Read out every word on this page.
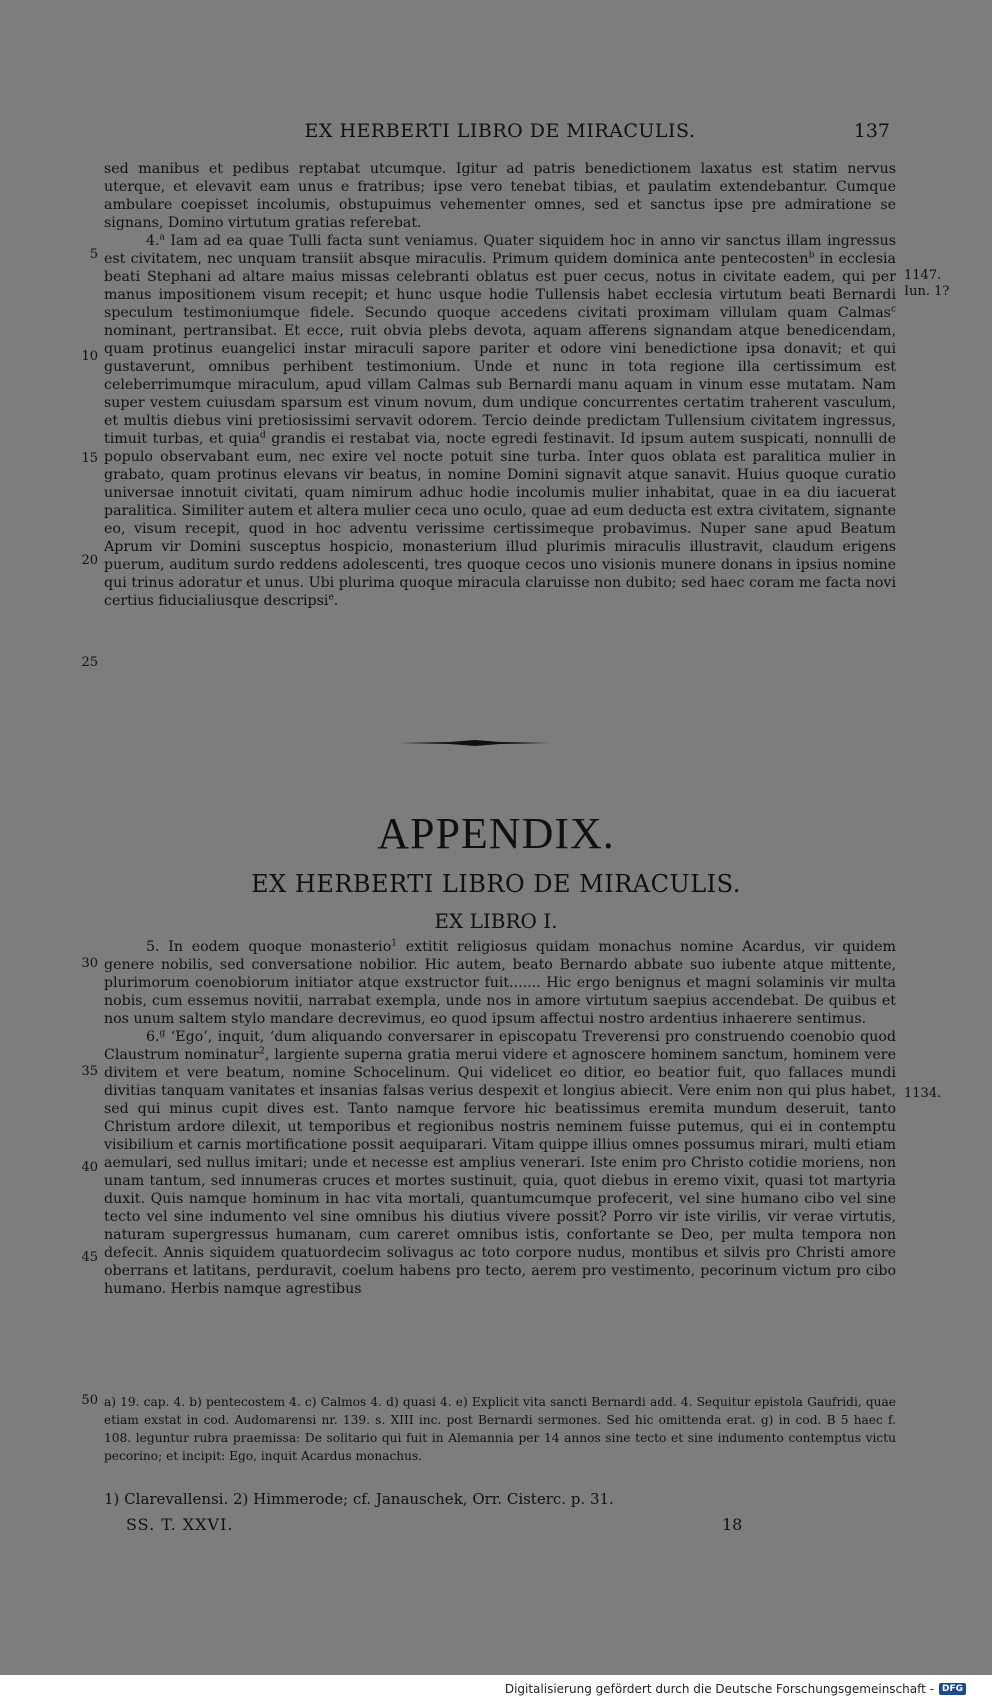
EX HERBERTI LIBRO DE MIRACULIS.	137

sed manibus et pedibus reptabat utcumque. Igitur ad patris benedictionem laxatus est statim nervus uterque, et elevavit eam unus e fratribus; ipse vero tenebat tibias, et paulatim extendebantur. Cumque ambulare coepisset incolumis, obstupuimus vehementer omnes, sed et sanctus ipse pre admiratione se signans, Domino virtutum gratias referebat.

4.$^a$ Iam ad ea quae Tulli facta sunt veniamus. Quater siquidem hoc in anno vir sanctus illam ingressus est civitatem, nec unquam transiit absque miraculis. Primum quidem dominica ante pentecosten$^b$ in ecclesia beati Stephani ad altare maius missas celebranti oblatus est puer cecus, notus in civitate eadem, qui per manus impositionem visum recepit; et hunc usque hodie Tullensis habet ecclesia virtutum beati Bernardi speculum testimoniumque fidele. Secundo quoque accedens civitati proximam villulam quam Calmas$^c$ nominant, pertransibat. Et ecce, ruit obvia plebs devota, aquam afferens signandam atque benedicendam, quam protinus euangelici instar miraculi sapore pariter et odore vini benedictione ipsa donavit; et qui gustaverunt, omnibus perhibent testimonium. Unde et nunc in tota regione illa certissimum est celeberrimumque miraculum, apud villam Calmas sub Bernardi manu aquam in vinum esse mutatam. Nam super vestem cuiusdam sparsum est vinum novum, dum undique concurrentes certatim traherent vasculum, et multis diebus vini pretiosissimi servavit odorem. Tercio deinde predictam Tullensium civitatem ingressus, timuit turbas, et quia$^d$ grandis ei restabat via, nocte egredi festinavit. Id ipsum autem suspicati, nonnulli de populo observabant eum, nec exire vel nocte potuit sine turba. Inter quos oblata est paralitica mulier in grabato, quam protinus elevans vir beatus, in nomine Domini signavit atque sanavit. Huius quoque curatio universae innotuit civitati, quam nimirum adhuc hodie incolumis mulier inhabitat, quae in ea diu iacuerat paralitica. Similiter autem et altera mulier ceca uno oculo, quae ad eum deducta est extra civitatem, signante eo, visum recepit, quod in hoc adventu verissime certissimeque probavimus. Nuper sane apud Beatum Aprum vir Domini susceptus hospicio, monasterium illud plurimis miraculis illustravit, claudum erigens puerum, auditum surdo reddens adolescenti, tres quoque cecos uno visionis munere donans in ipsius nomine qui trinus adoratur et unus. Ubi plurima quoque miracula claruisse non dubito; sed haec coram me facta novi certius fiducialiusque descripsi$^e$.

5
10
15
20
25
1147.
Iun. 1?
APPENDIX.
EX HERBERTI LIBRO DE MIRACULIS.
EX LIBRO I.

5. In eodem quoque monasterio$^1$ extitit religiosus quidam monachus nomine Acardus, vir quidem genere nobilis, sed conversatione nobilior. Hic autem, beato Bernardo abbate suo iubente atque mittente, plurimorum coenobiorum initiator atque exstructor fuit....... Hic ergo benignus et magni solaminis vir multa nobis, cum essemus novitii, narrabat exempla, unde nos in amore virtutum saepius accendebat. De quibus et nos unum saltem stylo mandare decrevimus, eo quod ipsum affectui nostro ardentius inhaerere sentimus.

6.$^g$ ‘Ego’, inquit, ‘dum aliquando conversarer in episcopatu Treverensi pro construendo coenobio quod Claustrum nominatur$^2$, largiente superna gratia merui videre et agnoscere hominem sanctum, hominem vere divitem et vere beatum, nomine Schocelinum. Qui videlicet eo ditior, eo beatior fuit, quo fallaces mundi divitias tanquam vanitates et insanias falsas verius despexit et longius abiecit. Vere enim non qui plus habet, sed qui minus cupit dives est. Tanto namque fervore hic beatissimus eremita mundum deseruit, tanto Christum ardore dilexit, ut temporibus et regionibus nostris neminem fuisse putemus, qui ei in contemptu visibilium et carnis mortificatione possit aequiparari. Vitam quippe illius omnes possumus mirari, multi etiam aemulari, sed nullus imitari; unde et necesse est amplius venerari. Iste enim pro Christo cotidie moriens, non unam tantum, sed innumeras cruces et mortes sustinuit, quia, quot diebus in eremo vixit, quasi tot martyria duxit. Quis namque hominum in hac vita mortali, quantumcumque profecerit, vel sine humano cibo vel sine tecto vel sine indumento vel sine omnibus his diutius vivere possit? Porro vir iste virilis, vir verae virtutis, naturam supergressus humanam, cum careret omnibus istis, confortante se Deo, per multa tempora non defecit. Annis siquidem quatuordecim solivagus ac toto corpore nudus, montibus et silvis pro Christi amore oberrans et latitans, perduravit, coelum habens pro tecto, aerem pro vestimento, pecorinum victum pro cibo humano. Herbis namque agrestibus

30
35
40
45
50
1134.
a) 19. cap. 4. b) pentecostem 4. c) Calmos 4. d) quasi 4. e) Explicit vita sancti Bernardi add. 4. Sequitur epistola Gaufridi, quae etiam exstat in cod. Audomarensi nr. 139. s. XIII inc. post Bernardi sermones. Sed hic omittenda erat. g) in cod. B 5 haec f. 108. leguntur rubra praemissa: De solitario qui fuit in Alemannia per 14 annos sine tecto et sine indumento contemptus victu pecorino; et incipit: Ego, inquit Acardus monachus.
1) Clarevallensi. 2) Himmerode; cf. Janauschek, Orr. Cisterc. p. 31.
SS. T. XXVI.	18
Digitalisierung gefördert durch die Deutsche Forschungsgemeinschaft - DFG
